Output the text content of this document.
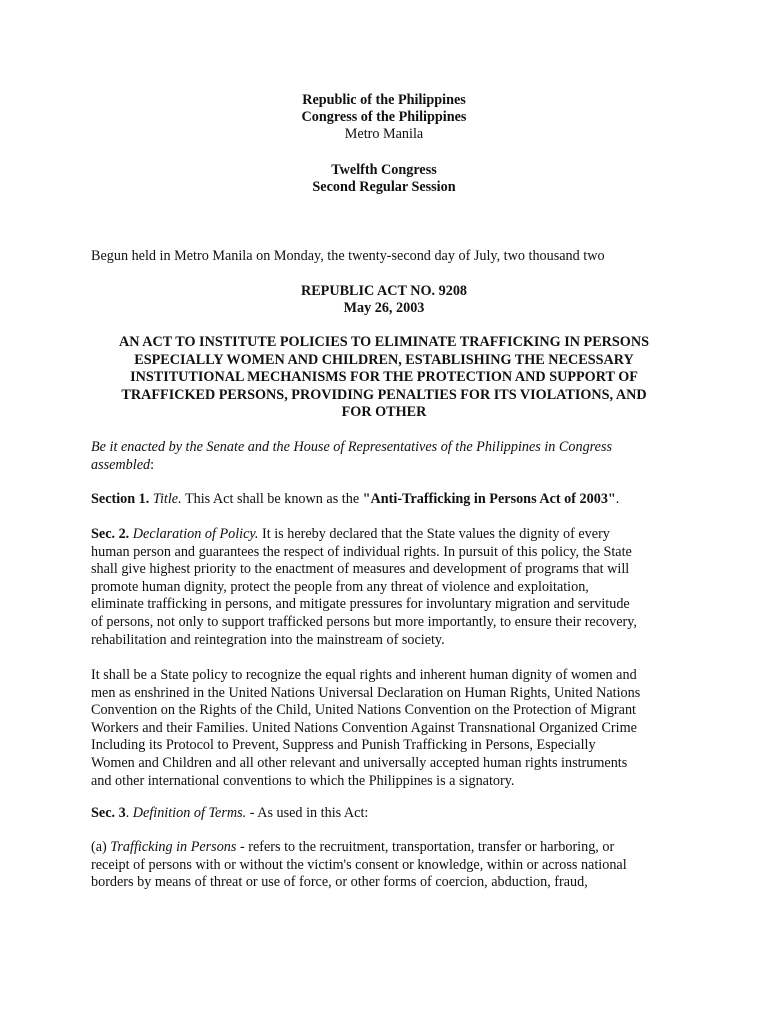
Republic of the Philippines
Congress of the Philippines
Metro Manila
Twelfth Congress
Second Regular Session
Begun held in Metro Manila on Monday, the twenty-second day of July, two thousand two
REPUBLIC ACT NO. 9208
May 26, 2003
AN ACT TO INSTITUTE POLICIES TO ELIMINATE TRAFFICKING IN PERSONS
ESPECIALLY WOMEN AND CHILDREN, ESTABLISHING THE NECESSARY
INSTITUTIONAL MECHANISMS FOR THE PROTECTION AND SUPPORT OF
TRAFFICKED PERSONS, PROVIDING PENALTIES FOR ITS VIOLATIONS, AND
FOR OTHER
Be it enacted by the Senate and the House of Representatives of the Philippines in Congress
assembled:
Section 1. Title. This Act shall be known as the "Anti-Trafficking in Persons Act of 2003".
Sec. 2. Declaration of Policy. It is hereby declared that the State values the dignity of every
human person and guarantees the respect of individual rights. In pursuit of this policy, the State
shall give highest priority to the enactment of measures and development of programs that will
promote human dignity, protect the people from any threat of violence and exploitation,
eliminate trafficking in persons, and mitigate pressures for involuntary migration and servitude
of persons, not only to support trafficked persons but more importantly, to ensure their recovery,
rehabilitation and reintegration into the mainstream of society.
It shall be a State policy to recognize the equal rights and inherent human dignity of women and
men as enshrined in the United Nations Universal Declaration on Human Rights, United Nations
Convention on the Rights of the Child, United Nations Convention on the Protection of Migrant
Workers and their Families. United Nations Convention Against Transnational Organized Crime
Including its Protocol to Prevent, Suppress and Punish Trafficking in Persons, Especially
Women and Children and all other relevant and universally accepted human rights instruments
and other international conventions to which the Philippines is a signatory.
Sec. 3. Definition of Terms. - As used in this Act:
(a) Trafficking in Persons - refers to the recruitment, transportation, transfer or harboring, or
receipt of persons with or without the victim's consent or knowledge, within or across national
borders by means of threat or use of force, or other forms of coercion, abduction, fraud,
